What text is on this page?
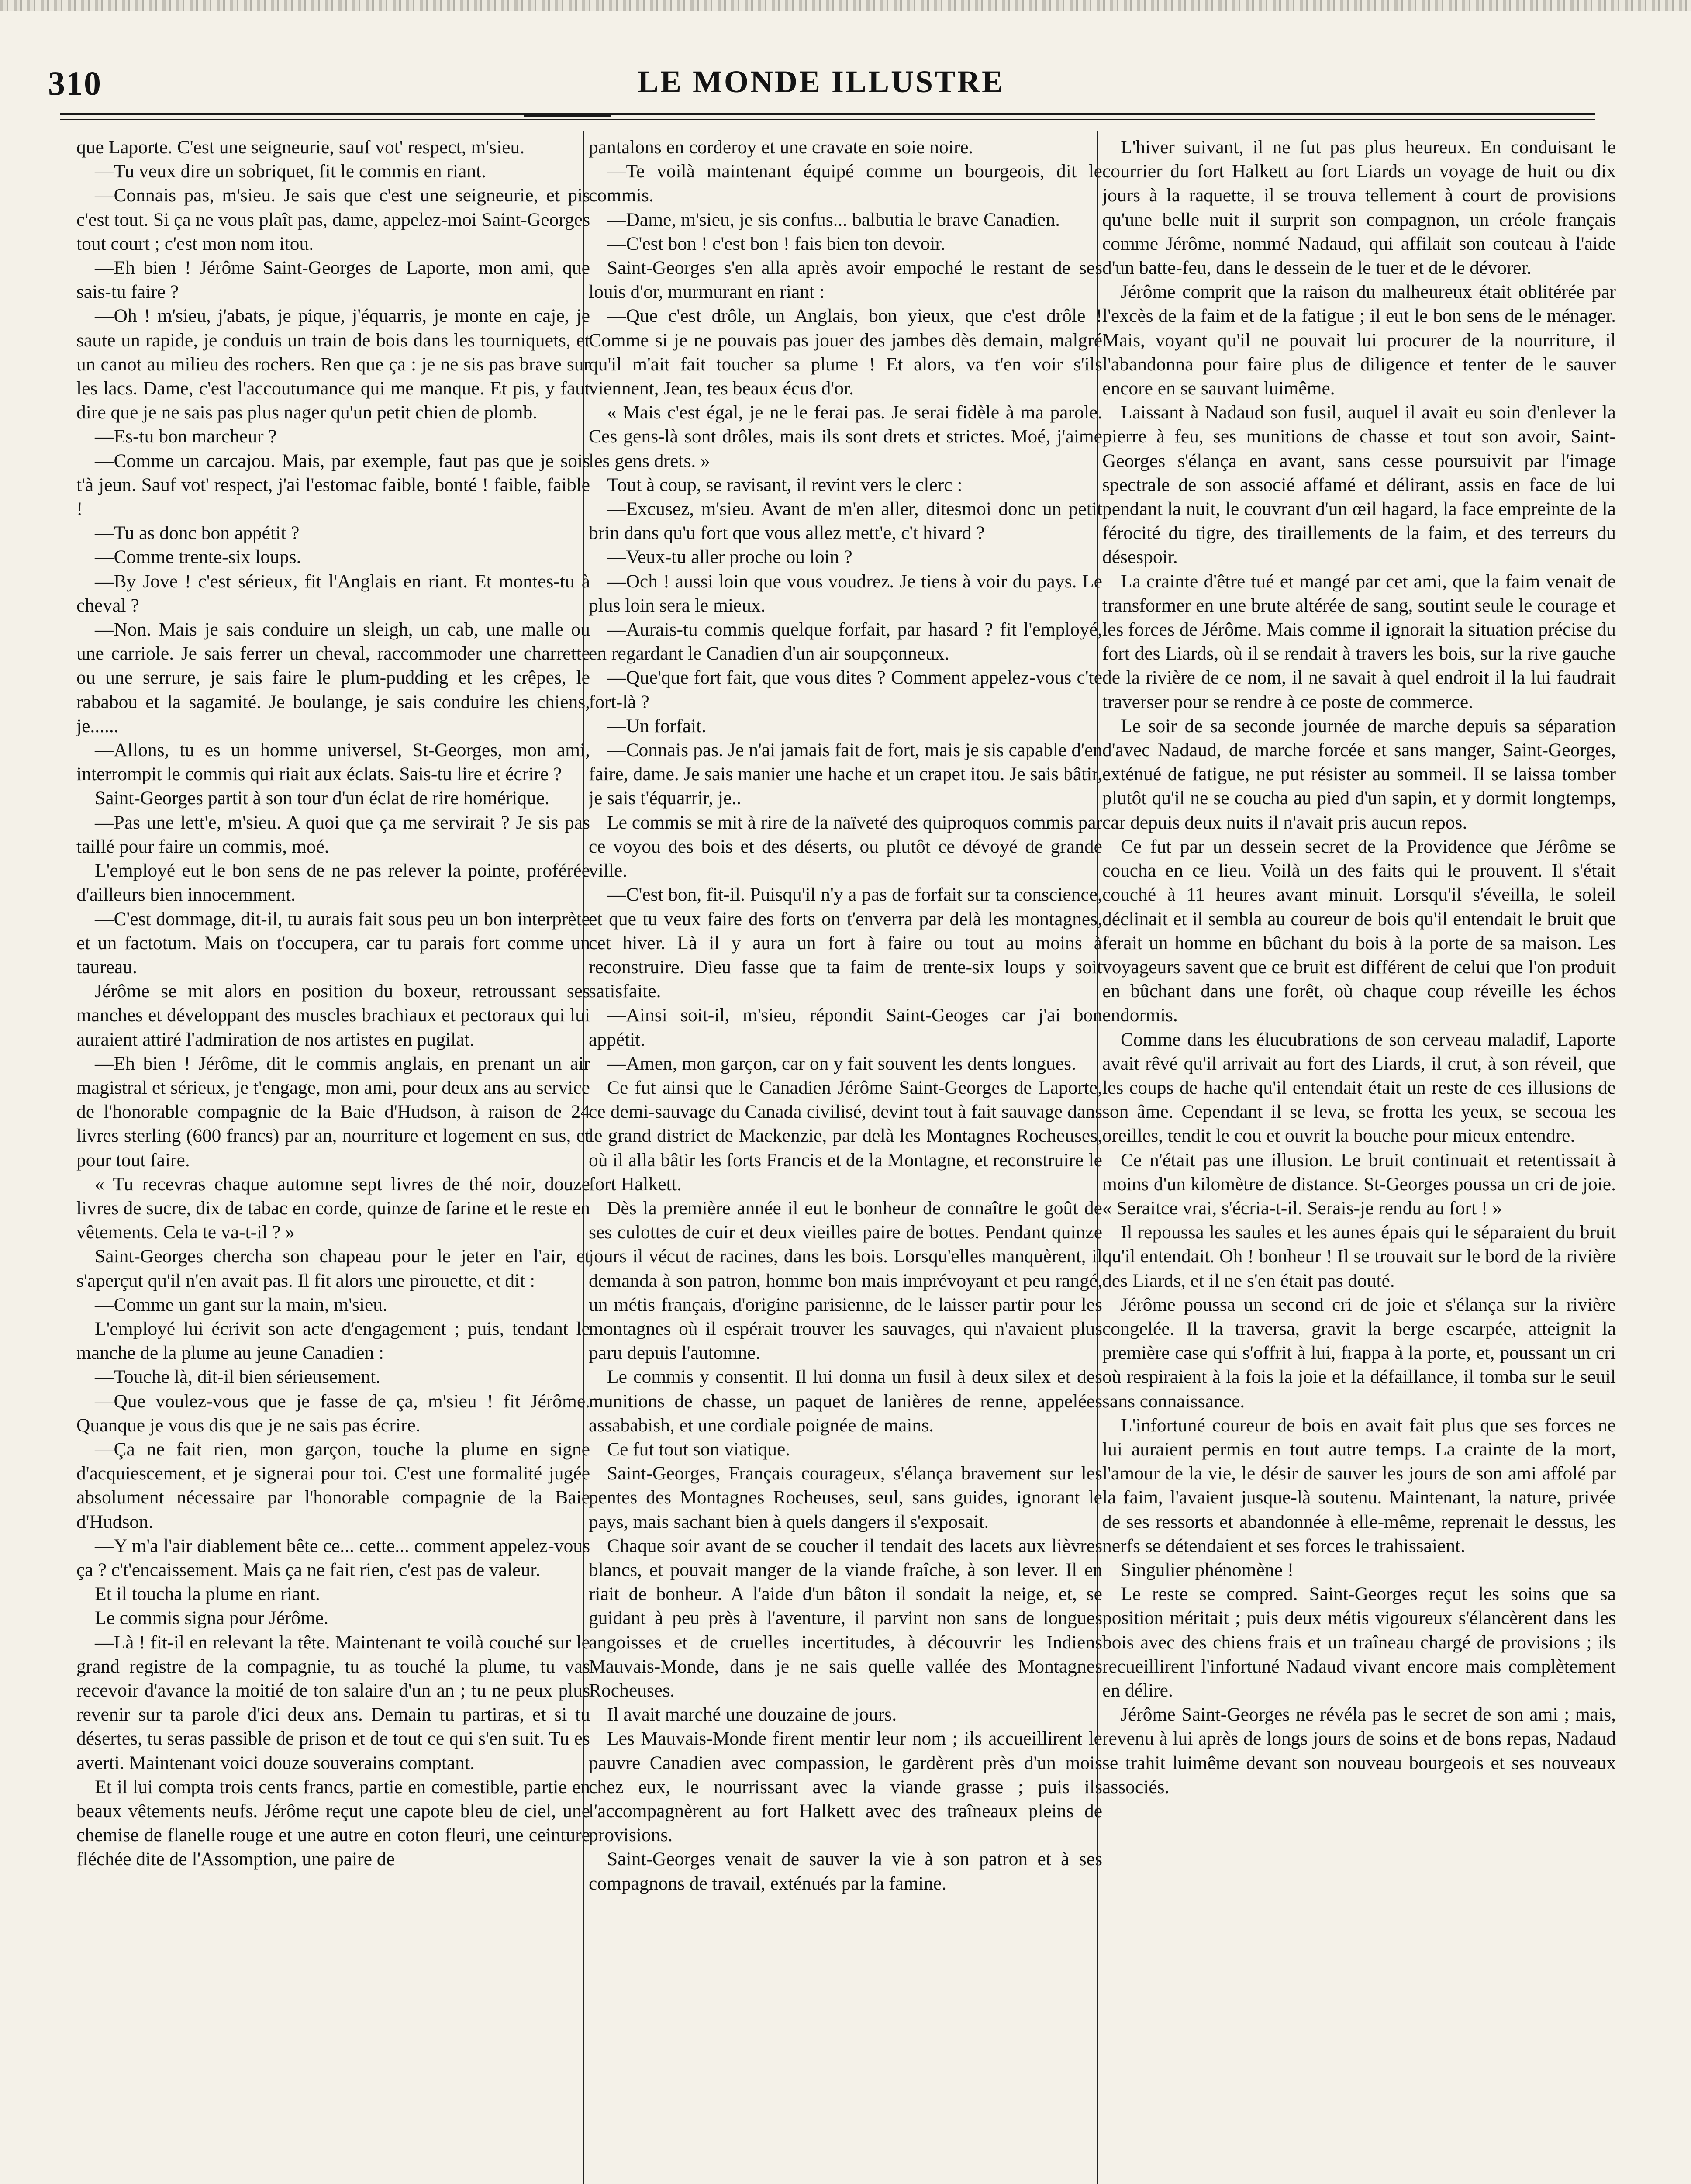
310	LE MONDE ILLUSTRE

que Laporte. C'est une seigneurie, sauf vot' respect, m'sieu.

—Tu veux dire un sobriquet, fit le commis en riant.

—Connais pas, m'sieu. Je sais que c'est une seigneurie, et pis c'est tout. Si ça ne vous plaît pas, dame, appelez-moi Saint-Georges tout court ; c'est mon nom itou.

—Eh bien ! Jérôme Saint-Georges de Laporte, mon ami, que sais-tu faire ?

—Oh ! m'sieu, j'abats, je pique, j'équarris, je monte en caje, je saute un rapide, je conduis un train de bois dans les tourniquets, et un canot au milieu des rochers. Ren que ça : je ne sis pas brave sur les lacs. Dame, c'est l'accoutumance qui me manque. Et pis, y faut dire que je ne sais pas plus nager qu'un petit chien de plomb.

—Es-tu bon marcheur ?

—Comme un carcajou. Mais, par exemple, faut pas que je sois t'à jeun. Sauf vot' respect, j'ai l'estomac faible, bonté ! faible, faible !

—Tu as donc bon appétit ?

—Comme trente-six loups.

—By Jove ! c'est sérieux, fit l'Anglais en riant. Et montes-tu à cheval ?

—Non. Mais je sais conduire un sleigh, un cab, une malle ou une carriole. Je sais ferrer un cheval, raccommoder une charrette ou une serrure, je sais faire le plum-pudding et les crêpes, le rababou et la sagamité. Je boulange, je sais conduire les chiens, je......

—Allons, tu es un homme universel, St-Georges, mon ami, interrompit le commis qui riait aux éclats. Sais-tu lire et écrire ?

Saint-Georges partit à son tour d'un éclat de rire homérique.

—Pas une lett'e, m'sieu. A quoi que ça me servirait ? Je sis pas taillé pour faire un commis, moé.

L'employé eut le bon sens de ne pas relever la pointe, proférée d'ailleurs bien innocemment.

—C'est dommage, dit-il, tu aurais fait sous peu un bon interprète et un factotum. Mais on t'occupera, car tu parais fort comme un taureau.

Jérôme se mit alors en position du boxeur, retroussant ses manches et développant des muscles brachiaux et pectoraux qui lui auraient attiré l'admiration de nos artistes en pugilat.

—Eh bien ! Jérôme, dit le commis anglais, en prenant un air magistral et sérieux, je t'engage, mon ami, pour deux ans au service de l'honorable compagnie de la Baie d'Hudson, à raison de 24 livres sterling (600 francs) par an, nourriture et logement en sus, et pour tout faire.

« Tu recevras chaque automne sept livres de thé noir, douze livres de sucre, dix de tabac en corde, quinze de farine et le reste en vêtements. Cela te va-t-il ? »

Saint-Georges chercha son chapeau pour le jeter en l'air, et s'aperçut qu'il n'en avait pas. Il fit alors une pirouette, et dit :

—Comme un gant sur la main, m'sieu.

L'employé lui écrivit son acte d'engagement ; puis, tendant le manche de la plume au jeune Canadien :

—Touche là, dit-il bien sérieusement.

—Que voulez-vous que je fasse de ça, m'sieu ! fit Jérôme. Quanque je vous dis que je ne sais pas écrire.

—Ça ne fait rien, mon garçon, touche la plume en signe d'acquiescement, et je signerai pour toi. C'est une formalité jugée absolument nécessaire par l'honorable compagnie de la Baie d'Hudson.

—Y m'a l'air diablement bête ce... cette... comment appelez-vous ça ? c't'encaissement. Mais ça ne fait rien, c'est pas de valeur.

Et il toucha la plume en riant.

Le commis signa pour Jérôme.

—Là ! fit-il en relevant la tête. Maintenant te voilà couché sur le grand registre de la compagnie, tu as touché la plume, tu vas recevoir d'avance la moitié de ton salaire d'un an ; tu ne peux plus revenir sur ta parole d'ici deux ans. Demain tu partiras, et si tu désertes, tu seras passible de prison et de tout ce qui s'en suit. Tu es averti. Maintenant voici douze souverains comptant.

Et il lui compta trois cents francs, partie en comestible, partie en beaux vêtements neufs. Jérôme reçut une capote bleu de ciel, une chemise de flanelle rouge et une autre en coton fleuri, une ceinture fléchée dite de l'Assomption, une paire de

pantalons en corderoy et une cravate en soie noire.

—Te voilà maintenant équipé comme un bourgeois, dit le commis.

—Dame, m'sieu, je sis confus... balbutia le brave Canadien.

—C'est bon ! c'est bon ! fais bien ton devoir.

Saint-Georges s'en alla après avoir empoché le restant de ses louis d'or, murmurant en riant :

—Que c'est drôle, un Anglais, bon yieux, que c'est drôle ! Comme si je ne pouvais pas jouer des jambes dès demain, malgré qu'il m'ait fait toucher sa plume ! Et alors, va t'en voir s'ils viennent, Jean, tes beaux écus d'or.

« Mais c'est égal, je ne le ferai pas. Je serai fidèle à ma parole. Ces gens-là sont drôles, mais ils sont drets et strictes. Moé, j'aime les gens drets. »

Tout à coup, se ravisant, il revint vers le clerc :

—Excusez, m'sieu. Avant de m'en aller, ditesmoi donc un petit brin dans qu'u fort que vous allez mett'e, c't hivard ?

—Veux-tu aller proche ou loin ?

—Och ! aussi loin que vous voudrez. Je tiens à voir du pays. Le plus loin sera le mieux.

—Aurais-tu commis quelque forfait, par hasard ? fit l'employé, en regardant le Canadien d'un air soupçonneux.

—Que'que fort fait, que vous dites ? Comment appelez-vous c'te fort-là ?

—Un forfait.

—Connais pas. Je n'ai jamais fait de fort, mais je sis capable d'en faire, dame. Je sais manier une hache et un crapet itou. Je sais bâtir, je sais t'équarrir, je..

Le commis se mit à rire de la naïveté des quiproquos commis par ce voyou des bois et des déserts, ou plutôt ce dévoyé de grande ville.

—C'est bon, fit-il. Puisqu'il n'y a pas de forfait sur ta conscience, et que tu veux faire des forts on t'enverra par delà les montagnes, cet hiver. Là il y aura un fort à faire ou tout au moins à reconstruire. Dieu fasse que ta faim de trente-six loups y soit satisfaite.

—Ainsi soit-il, m'sieu, répondit Saint-Geoges car j'ai bon appétit.

—Amen, mon garçon, car on y fait souvent les dents longues.

Ce fut ainsi que le Canadien Jérôme Saint-Georges de Laporte, ce demi-sauvage du Canada civilisé, devint tout à fait sauvage dans le grand district de Mackenzie, par delà les Montagnes Rocheuses, où il alla bâtir les forts Francis et de la Montagne, et reconstruire le fort Halkett.

Dès la première année il eut le bonheur de connaître le goût de ses culottes de cuir et deux vieilles paire de bottes. Pendant quinze jours il vécut de racines, dans les bois. Lorsqu'elles manquèrent, il demanda à son patron, homme bon mais imprévoyant et peu rangé, un métis français, d'origine parisienne, de le laisser partir pour les montagnes où il espérait trouver les sauvages, qui n'avaient plus paru depuis l'automne.

Le commis y consentit. Il lui donna un fusil à deux silex et des munitions de chasse, un paquet de lanières de renne, appelées assababish, et une cordiale poignée de mains.

Ce fut tout son viatique.

Saint-Georges, Français courageux, s'élança bravement sur les pentes des Montagnes Rocheuses, seul, sans guides, ignorant le pays, mais sachant bien à quels dangers il s'exposait.

Chaque soir avant de se coucher il tendait des lacets aux lièvres blancs, et pouvait manger de la viande fraîche, à son lever. Il en riait de bonheur. A l'aide d'un bâton il sondait la neige, et, se guidant à peu près à l'aventure, il parvint non sans de longues angoisses et de cruelles incertitudes, à découvrir les Indiens Mauvais-Monde, dans je ne sais quelle vallée des Montagnes Rocheuses.

Il avait marché une douzaine de jours.

Les Mauvais-Monde firent mentir leur nom ; ils accueillirent le pauvre Canadien avec compassion, le gardèrent près d'un mois chez eux, le nourrissant avec la viande grasse ; puis ils l'accompagnèrent au fort Halkett avec des traîneaux pleins de provisions.

Saint-Georges venait de sauver la vie à son patron et à ses compagnons de travail, exténués par la famine.

L'hiver suivant, il ne fut pas plus heureux. En conduisant le courrier du fort Halkett au fort Liards un voyage de huit ou dix jours à la raquette, il se trouva tellement à court de provisions qu'une belle nuit il surprit son compagnon, un créole français comme Jérôme, nommé Nadaud, qui affilait son couteau à l'aide d'un batte-feu, dans le dessein de le tuer et de le dévorer.

Jérôme comprit que la raison du malheureux était oblitérée par l'excès de la faim et de la fatigue ; il eut le bon sens de le ménager. Mais, voyant qu'il ne pouvait lui procurer de la nourriture, il l'abandonna pour faire plus de diligence et tenter de le sauver encore en se sauvant luimême.

Laissant à Nadaud son fusil, auquel il avait eu soin d'enlever la pierre à feu, ses munitions de chasse et tout son avoir, Saint-Georges s'élança en avant, sans cesse poursuivit par l'image spectrale de son associé affamé et délirant, assis en face de lui pendant la nuit, le couvrant d'un œil hagard, la face empreinte de la férocité du tigre, des tiraillements de la faim, et des terreurs du désespoir.

La crainte d'être tué et mangé par cet ami, que la faim venait de transformer en une brute altérée de sang, soutint seule le courage et les forces de Jérôme. Mais comme il ignorait la situation précise du fort des Liards, où il se rendait à travers les bois, sur la rive gauche de la rivière de ce nom, il ne savait à quel endroit il la lui faudrait traverser pour se rendre à ce poste de commerce.

Le soir de sa seconde journée de marche depuis sa séparation d'avec Nadaud, de marche forcée et sans manger, Saint-Georges, exténué de fatigue, ne put résister au sommeil. Il se laissa tomber plutôt qu'il ne se coucha au pied d'un sapin, et y dormit longtemps, car depuis deux nuits il n'avait pris aucun repos.

Ce fut par un dessein secret de la Providence que Jérôme se coucha en ce lieu. Voilà un des faits qui le prouvent. Il s'était couché à 11 heures avant minuit. Lorsqu'il s'éveilla, le soleil déclinait et il sembla au coureur de bois qu'il entendait le bruit que ferait un homme en bûchant du bois à la porte de sa maison. Les voyageurs savent que ce bruit est différent de celui que l'on produit en bûchant dans une forêt, où chaque coup réveille les échos endormis.

Comme dans les élucubrations de son cerveau maladif, Laporte avait rêvé qu'il arrivait au fort des Liards, il crut, à son réveil, que les coups de hache qu'il entendait était un reste de ces illusions de son âme. Cependant il se leva, se frotta les yeux, se secoua les oreilles, tendit le cou et ouvrit la bouche pour mieux entendre.

Ce n'était pas une illusion. Le bruit continuait et retentissait à moins d'un kilomètre de distance. St-Georges poussa un cri de joie. « Seraitce vrai, s'écria-t-il. Serais-je rendu au fort ! »

Il repoussa les saules et les aunes épais qui le séparaient du bruit qu'il entendait. Oh ! bonheur ! Il se trouvait sur le bord de la rivière des Liards, et il ne s'en était pas douté.

Jérôme poussa un second cri de joie et s'élança sur la rivière congelée. Il la traversa, gravit la berge escarpée, atteignit la première case qui s'offrit à lui, frappa à la porte, et, poussant un cri où respiraient à la fois la joie et la défaillance, il tomba sur le seuil sans connaissance.

L'infortuné coureur de bois en avait fait plus que ses forces ne lui auraient permis en tout autre temps. La crainte de la mort, l'amour de la vie, le désir de sauver les jours de son ami affolé par la faim, l'avaient jusque-là soutenu. Maintenant, la nature, privée de ses ressorts et abandonnée à elle-même, reprenait le dessus, les nerfs se détendaient et ses forces le trahissaient.

Singulier phénomène !

Le reste se compred. Saint-Georges reçut les soins que sa position méritait ; puis deux métis vigoureux s'élancèrent dans les bois avec des chiens frais et un traîneau chargé de provisions ; ils recueillirent l'infortuné Nadaud vivant encore mais complètement en délire.

Jérôme Saint-Georges ne révéla pas le secret de son ami ; mais, revenu à lui après de longs jours de soins et de bons repas, Nadaud se trahit luimême devant son nouveau bourgeois et ses nouveaux associés.
